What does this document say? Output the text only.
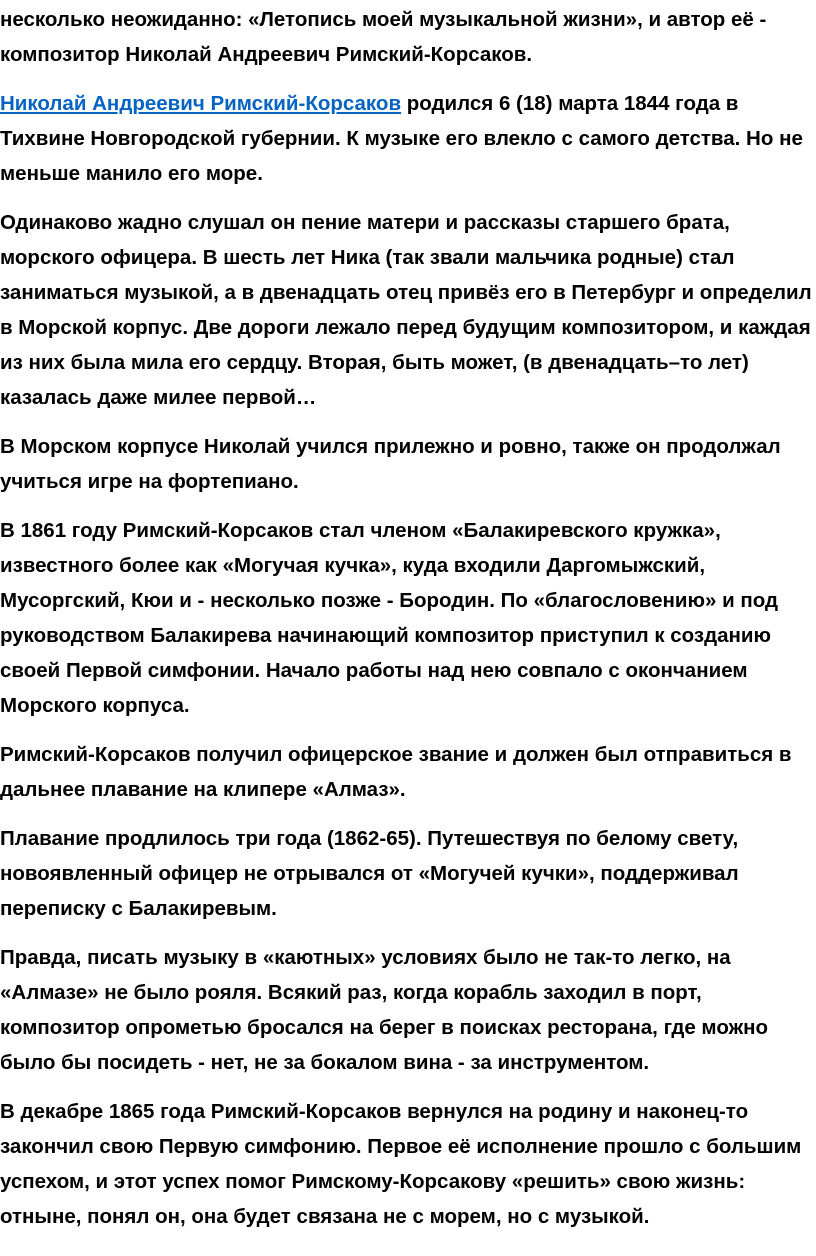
несколько неожиданно: «Летопись моей музыкальной жизни», и автор её - композитор Николай Андреевич Римский-Корсаков.

Николай Андреевич Римский-Корсаков родился 6 (18) марта 1844 года в Тихвине Новгородской губернии. К музыке его влекло с самого детства. Но не меньше манило его море.

Одинаково жадно слушал он пение матери и рассказы старшего брата, морского офицера. В шесть лет Ника (так звали мальчика родные) стал заниматься музыкой, а в двенадцать отец привёз его в Петербург и определил в Морской корпус. Две дороги лежало перед будущим композитором, и каждая из них была мила его сердцу. Вторая, быть может, (в двенадцать–то лет) казалась даже милее первой…

В Морском корпусе Николай учился прилежно и ровно, также он продолжал учиться игре на фортепиано.

В 1861 году Римский-Корсаков стал членом «Балакиревского кружка», известного более как «Могучая кучка», куда входили Даргомыжский, Мусоргский, Кюи и - несколько позже - Бородин. По «благословению» и под руководством Балакирева начинающий композитор приступил к созданию своей Первой симфонии. Начало работы над нею совпало с окончанием Морского корпуса.

Римский-Корсаков получил офицерское звание и должен был отправиться в дальнее плавание на клипере «Алмаз».

Плавание продлилось три года (1862-65). Путешествуя по белому свету, новоявленный офицер не отрывался от «Могучей кучки», поддерживал переписку с Балакиревым.

Правда, писать музыку в «каютных» условиях было не так-то легко, на «Алмазе» не было рояля. Всякий раз, когда корабль заходил в порт, композитор опрометью бросался на берег в поисках ресторана, где можно было бы посидеть - нет, не за бокалом вина - за инструментом.

В декабре 1865 года Римский-Корсаков вернулся на родину и наконец-то закончил свою Первую симфонию. Первое её исполнение прошло с большим успехом, и этот успех помог Римскому-Корсакову «решить» свою жизнь: отныне, понял он, она будет связана не с морем, но с музыкой.
